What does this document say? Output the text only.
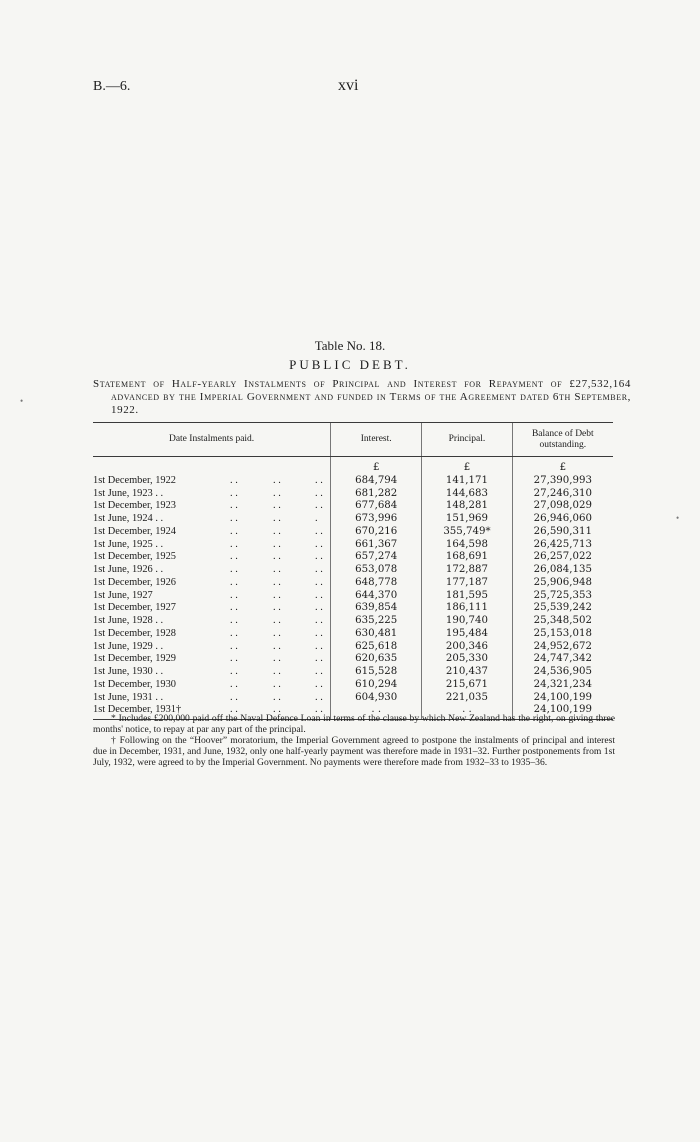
B.—6.	xvi
Table No. 18.
PUBLIC DEBT.
Statement of Half-yearly Instalments of Principal and Interest for Repayment of £27,532,164 advanced by the Imperial Government and funded in Terms of the Agreement dated 6th September, 1922.
Date Instalments paid.	Interest.	Principal.	Balance of Debt outstanding.
	£	£	£
1st December, 1922 . . . . . .	684,794	141,171	27,390,993
1st June, 1923 . . . . . . . .	681,282	144,683	27,246,310
1st December, 1923 . . . . . .	677,684	148,281	27,098,029
1st June, 1924 . . . . . . .	673,996	151,969	26,946,060
1st December, 1924 . . . . . .	670,216	355,749*	26,590,311
1st June, 1925 . . . . . . . .	661,367	164,598	26,425,713
1st December, 1925 . . . . . .	657,274	168,691	26,257,022
1st June, 1926 . . . . . . . .	653,078	172,887	26,084,135
1st December, 1926 . . . . . .	648,778	177,187	25,906,948
1st June, 1927 . . . . . .	644,370	181,595	25,725,353
1st December, 1927 . . . . . .	639,854	186,111	25,539,242
1st June, 1928 . . . . . . . .	635,225	190,740	25,348,502
1st December, 1928 . . . . . .	630,481	195,484	25,153,018
1st June, 1929 . . . . . . . .	625,618	200,346	24,952,672
1st December, 1929 . . . . . .	620,635	205,330	24,747,342
1st June, 1930 . . . . . . . .	615,528	210,437	24,536,905
1st December, 1930 . . . . . .	610,294	215,671	24,321,234
1st June, 1931 . . . . . . . .	604,930	221,035	24,100,199
1st December, 1931† . . . . . .	. .	. .	24,100,199

* Includes £200,000 paid off the Naval Defence Loan in terms of the clause by which New Zealand has the right, on giving three months' notice, to repay at par any part of the principal.

† Following on the “Hoover” moratorium, the Imperial Government agreed to postpone the instalments of principal and interest due in December, 1931, and June, 1932, only one half-yearly payment was therefore made in 1931–32. Further postponements from 1st July, 1932, were agreed to by the Imperial Government. No payments were therefore made from 1932–33 to 1935–36.

•
•
